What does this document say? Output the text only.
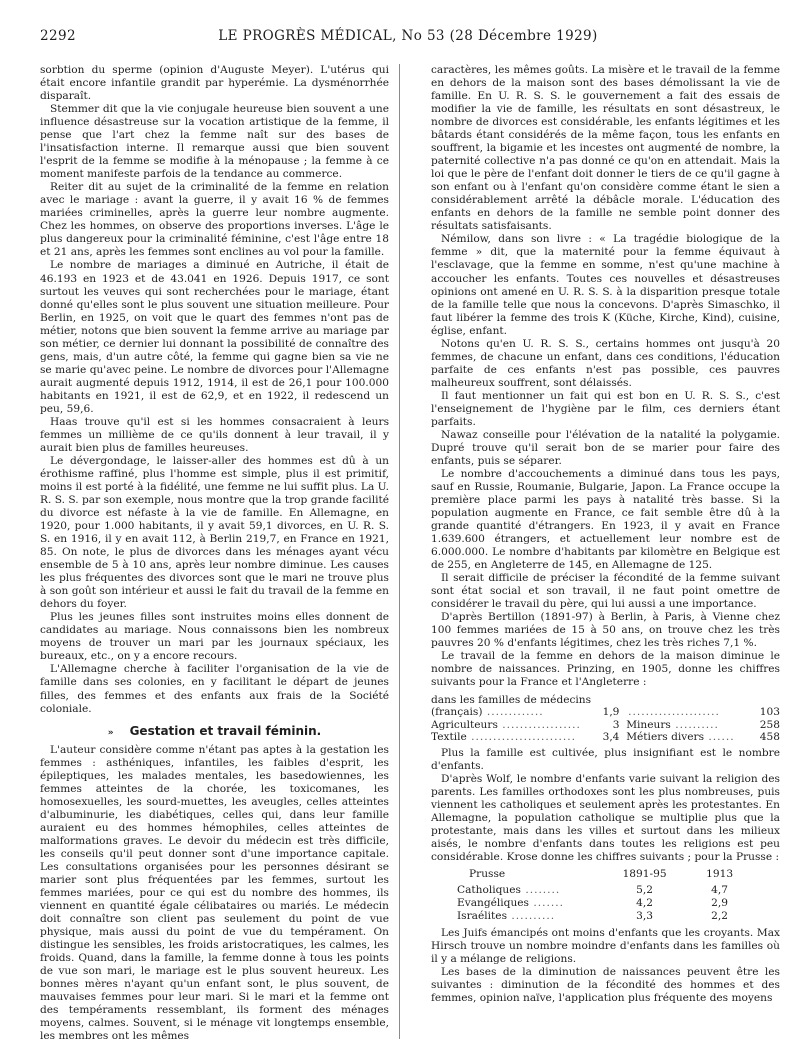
2292	LE PROGRÈS MÉDICAL, No 53 (28 Décembre 1929)

sorbtion du sperme (opinion d'Auguste Meyer). L'utérus qui était encore infantile grandit par hyperémie. La dysménorrhée disparaît.

Stemmer dit que la vie conjugale heureuse bien souvent a une influence désastreuse sur la vocation artistique de la femme, il pense que l'art chez la femme naît sur des bases de l'insatisfaction interne. Il remarque aussi que bien souvent l'esprit de la femme se modifie à la ménopause ; la femme à ce moment manifeste parfois de la tendance au commerce.

Reiter dit au sujet de la criminalité de la femme en relation avec le mariage : avant la guerre, il y avait 16 % de femmes mariées criminelles, après la guerre leur nombre augmente. Chez les hommes, on observe des proportions inverses. L'âge le plus dangereux pour la criminalité féminine, c'est l'âge entre 18 et 21 ans, après les femmes sont enclines au vol pour la famille.

Le nombre de mariages a diminué en Autriche, il était de 46.193 en 1923 et de 43.041 en 1926. Depuis 1917, ce sont surtout les veuves qui sont recherchées pour le mariage, étant donné qu'elles sont le plus souvent une situation meilleure. Pour Berlin, en 1925, on voit que le quart des femmes n'ont pas de métier, notons que bien souvent la femme arrive au mariage par son métier, ce dernier lui donnant la possibilité de connaître des gens, mais, d'un autre côté, la femme qui gagne bien sa vie ne se marie qu'avec peine. Le nombre de divorces pour l'Allemagne aurait augmenté depuis 1912, 1914, il est de 26,1 pour 100.000 habitants en 1921, il est de 62,9, et en 1922, il redescend un peu, 59,6.

Haas trouve qu'il est si les hommes consacraient à leurs femmes un millième de ce qu'ils donnent à leur travail, il y aurait bien plus de familles heureuses.

Le dévergondage, le laisser-aller des hommes est dû à un érothisme raffiné, plus l'homme est simple, plus il est primitif, moins il est porté à la fidélité, une femme ne lui suffit plus. La U. R. S. S. par son exemple, nous montre que la trop grande facilité du divorce est néfaste à la vie de famille. En Allemagne, en 1920, pour 1.000 habitants, il y avait 59,1 divorces, en U. R. S. S. en 1916, il y en avait 112, à Berlin 219,7, en France en 1921, 85. On note, le plus de divorces dans les ménages ayant vécu ensemble de 5 à 10 ans, après leur nombre diminue. Les causes les plus fréquentes des divorces sont que le mari ne trouve plus à son goût son intérieur et aussi le fait du travail de la femme en dehors du foyer.

Plus les jeunes filles sont instruites moins elles donnent de candidates au mariage. Nous connaissons bien les nombreux moyens de trouver un mari par les journaux spéciaux, les bureaux, etc., on y a encore recours.

L'Allemagne cherche à faciliter l'organisation de la vie de famille dans ses colonies, en y facilitant le départ de jeunes filles, des femmes et des enfants aux frais de la Société coloniale.

» Gestation et travail féminin.

L'auteur considère comme n'étant pas aptes à la gestation les femmes : asthéniques, infantiles, les faibles d'esprit, les épileptiques, les malades mentales, les basedowiennes, les femmes atteintes de la chorée, les toxicomanes, les homosexuelles, les sourd-muettes, les aveugles, celles atteintes d'albuminurie, les diabétiques, celles qui, dans leur famille auraient eu des hommes hémophiles, celles atteintes de malformations graves. Le devoir du médecin est très difficile, les conseils qu'il peut donner sont d'une importance capitale. Les consultations organisées pour les personnes désirant se marier sont plus fréquentées par les femmes, surtout les femmes mariées, pour ce qui est du nombre des hommes, ils viennent en quantité égale célibataires ou mariés. Le médecin doit connaître son client pas seulement du point de vue physique, mais aussi du point de vue du tempérament. On distingue les sensibles, les froids aristocratiques, les calmes, les froids. Quand, dans la famille, la femme donne à tous les points de vue son mari, le mariage est le plus souvent heureux. Les bonnes mères n'ayant qu'un enfant sont, le plus souvent, de mauvaises femmes pour leur mari. Si le mari et la femme ont des tempéraments ressemblant, ils forment des ménages moyens, calmes. Souvent, si le ménage vit longtemps ensemble, les membres ont les mêmes

caractères, les mêmes goûts. La misère et le travail de la femme en dehors de la maison sont des bases démolissant la vie de famille. En U. R. S. S. le gouvernement a fait des essais de modifier la vie de famille, les résultats en sont désastreux, le nombre de divorces est considérable, les enfants légitimes et les bâtards étant considérés de la même façon, tous les enfants en souffrent, la bigamie et les incestes ont augmenté de nombre, la paternité collective n'a pas donné ce qu'on en attendait. Mais la loi que le père de l'enfant doit donner le tiers de ce qu'il gagne à son enfant ou à l'enfant qu'on considère comme étant le sien a considérablement arrêté la débâcle morale. L'éducation des enfants en dehors de la famille ne semble point donner des résultats satisfaisants.

Némilow, dans son livre : « La tragédie biologique de la femme » dit, que la maternité pour la femme équivaut à l'esclavage, que la femme en somme, n'est qu'une machine à accoucher les enfants. Toutes ces nouvelles et désastreuses opinions ont amené en U. R. S. S. à la disparition presque totale de la famille telle que nous la concevons. D'après Simaschko, il faut libérer la femme des trois K (Küche, Kirche, Kind), cuisine, église, enfant.

Notons qu'en U. R. S. S., certains hommes ont jusqu'à 20 femmes, de chacune un enfant, dans ces conditions, l'éducation parfaite de ces enfants n'est pas possible, ces pauvres malheureux souffrent, sont délaissés.

Il faut mentionner un fait qui est bon en U. R. S. S., c'est l'enseignement de l'hygiène par le film, ces derniers étant parfaits.

Nawaz conseille pour l'élévation de la natalité la polygamie. Dupré trouve qu'il serait bon de se marier pour faire des enfants, puis se séparer.

Le nombre d'accouchements a diminué dans tous les pays, sauf en Russie, Roumanie, Bulgarie, Japon. La France occupe la première place parmi les pays à natalité très basse. Si la population augmente en France, ce fait semble être dû à la grande quantité d'étrangers. En 1923, il y avait en France 1.639.600 étrangers, et actuellement leur nombre est de 6.000.000. Le nombre d'habitants par kilomètre en Belgique est de 255, en Angleterre de 145, en Allemagne de 125.

Il serait difficile de préciser la fécondité de la femme suivant sont état social et son travail, il ne faut point omettre de considérer le travail du père, qui lui aussi a une importance.

D'après Bertillon (1891-97) à Berlin, à Paris, à Vienne chez 100 femmes mariées de 15 à 50 ans, on trouve chez les très pauvres 20 % d'enfants légitimes, chez les très riches 7,1 %.

Le travail de la femme en dehors de la maison diminue le nombre de naissances. Prinzing, en 1905, donne les chiffres suivants pour la France et l'Angleterre :

dans les familles de médecins			
(français) .............	1,9	.....................	103
Agriculteurs ..................	3	Mineurs ..........	258
Textile ........................	3,4	Métiers divers ......	458

Plus la famille est cultivée, plus insignifiant est le nombre d'enfants.

D'après Wolf, le nombre d'enfants varie suivant la religion des parents. Les familles orthodoxes sont les plus nombreuses, puis viennent les catholiques et seulement après les protestantes. En Allemagne, la population catholique se multiplie plus que la protestante, mais dans les villes et surtout dans les milieux aisés, le nombre d'enfants dans toutes les religions est peu considérable. Krose donne les chiffres suivants ; pour la Prusse :

Prusse	1891-95	1913
Catholiques ........	5,2	4,7
Evangéliques .......	4,2	2,9
Israélites ..........	3,3	2,2

Les Juifs émancipés ont moins d'enfants que les croyants. Max Hirsch trouve un nombre moindre d'enfants dans les familles où il y a mélange de religions.

Les bases de la diminution de naissances peuvent être les suivantes : diminution de la fécondité des hommes et des femmes, opinion naïve, l'application plus fréquente des moyens
